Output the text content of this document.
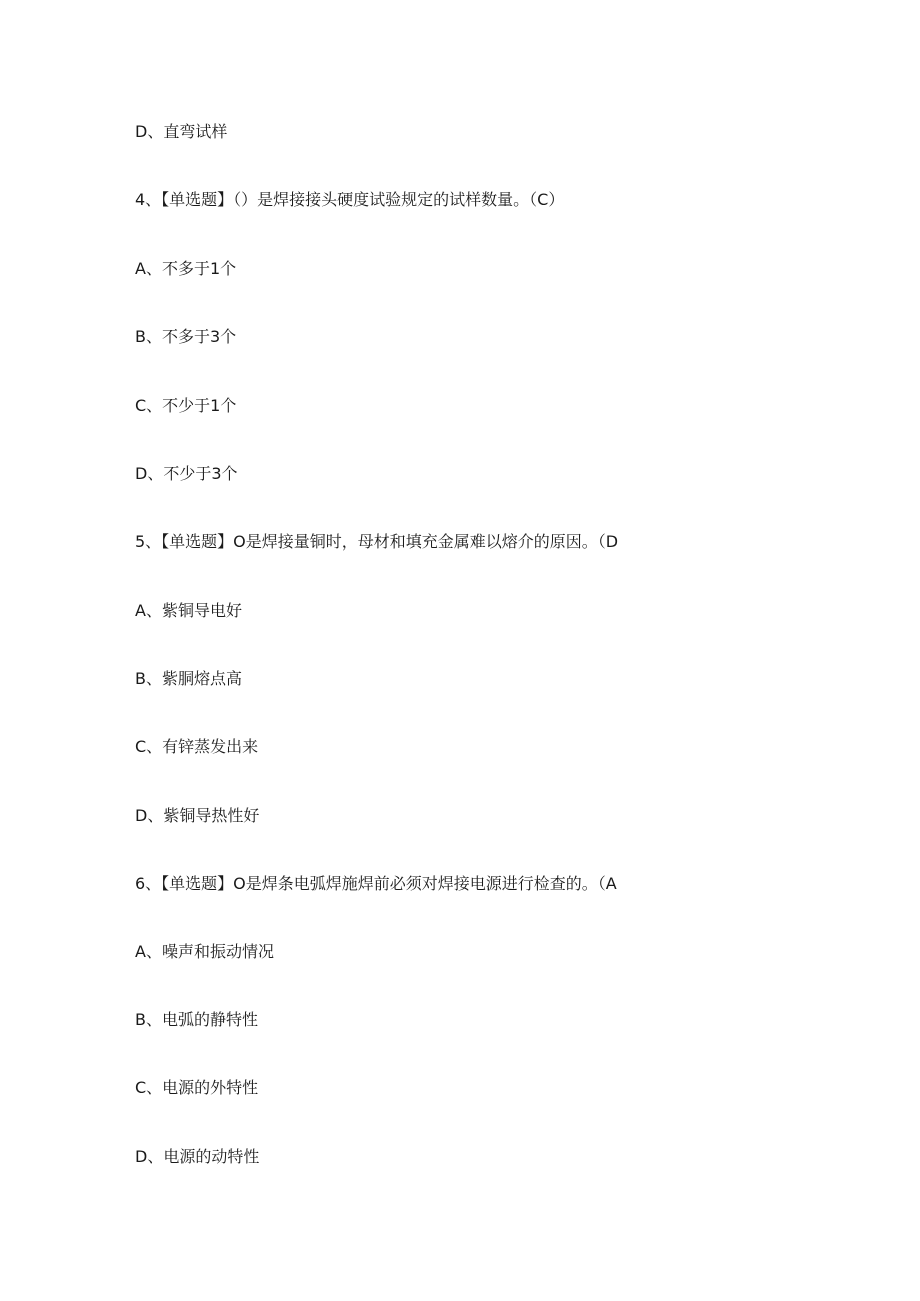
D、直弯试样
4、【单选题】（）是焊接接头硬度试验规定的试样数量。（C）
A、不多于1个
B、不多于3个
C、不少于1个
D、不少于3个
5、【单选题】O是焊接量铜时，母材和填充金属难以熔介的原因。（D
A、紫铜导电好
B、紫胴熔点高
C、有锌蒸发出来
D、紫铜导热性好
6、【单选题】O是焊条电弧焊施焊前必须对焊接电源进行检查的。（A
A、噪声和振动情况
B、电弧的静特性
C、电源的外特性
D、电源的动特性
